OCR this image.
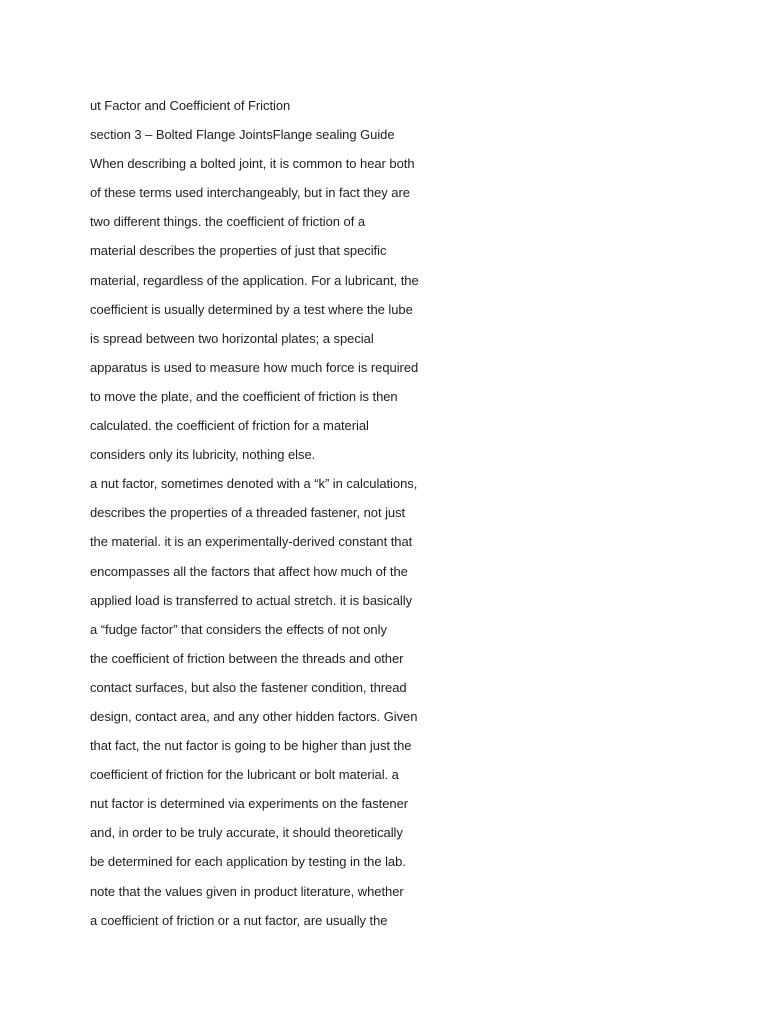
ut Factor and Coefficient of Friction
section 3 – Bolted Flange JointsFlange sealing Guide
When describing a bolted joint, it is common to hear both
of these terms used interchangeably, but in fact they are
two different things. the coefficient of friction of a
material describes the properties of just that specific
material, regardless of the application. For a lubricant, the
coefficient is usually determined by a test where the lube
is spread between two horizontal plates; a special
apparatus is used to measure how much force is required
to move the plate, and the coefficient of friction is then
calculated. the coefficient of friction for a material
considers only its lubricity, nothing else.
a nut factor, sometimes denoted with a “k” in calculations,
describes the properties of a threaded fastener, not just
the material. it is an experimentally-derived constant that
encompasses all the factors that affect how much of the
applied load is transferred to actual stretch. it is basically
a “fudge factor” that considers the effects of not only
the coefficient of friction between the threads and other
contact surfaces, but also the fastener condition, thread
design, contact area, and any other hidden factors. Given
that fact, the nut factor is going to be higher than just the
coefficient of friction for the lubricant or bolt material. a
nut factor is determined via experiments on the fastener
and, in order to be truly accurate, it should theoretically
be determined for each application by testing in the lab.
note that the values given in product literature, whether
a coefficient of friction or a nut factor, are usually the
